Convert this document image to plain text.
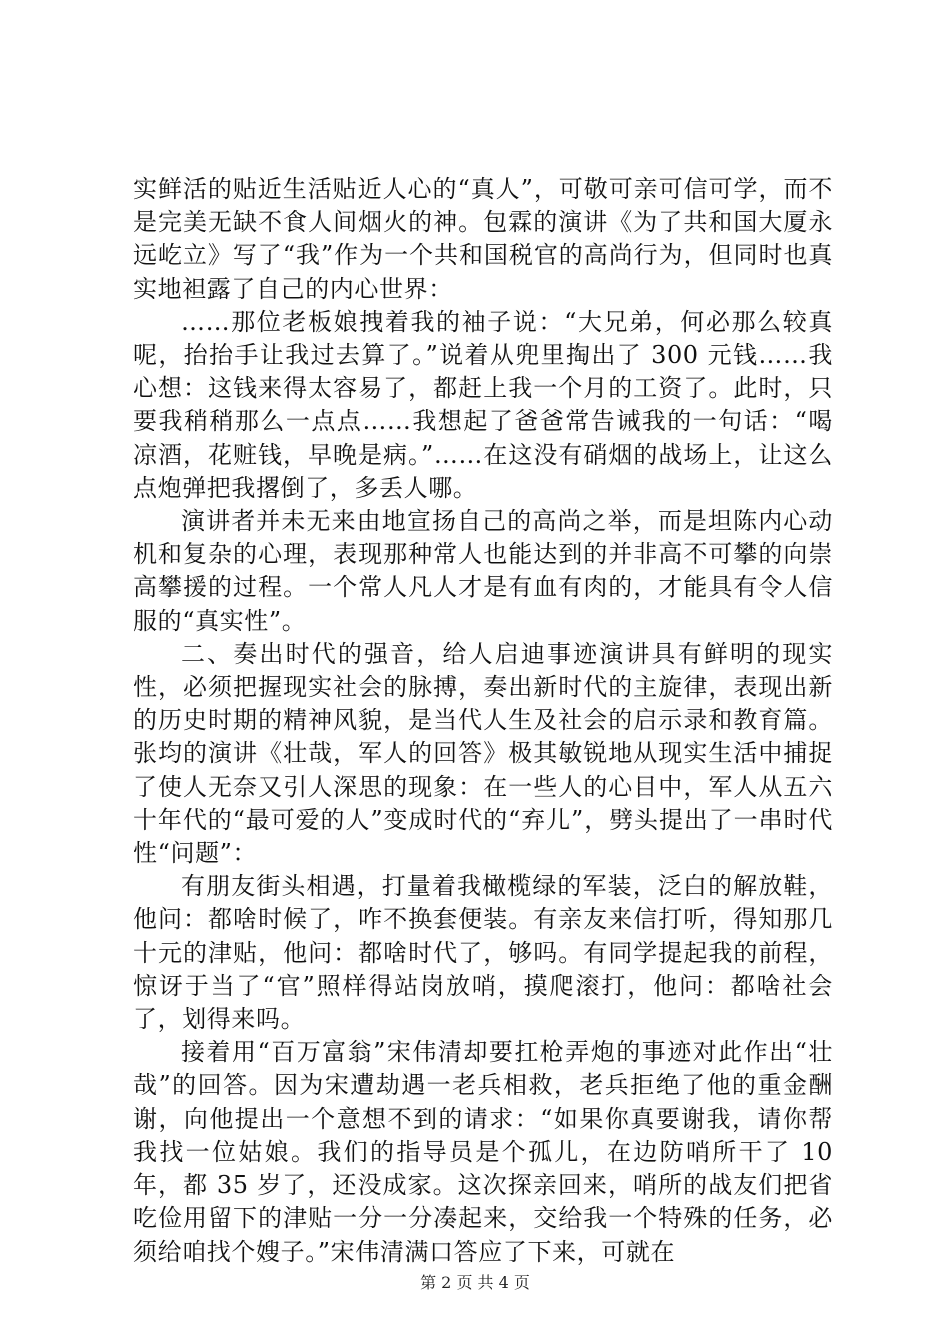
实鲜活的贴近生活贴近人心的“真人”，可敬可亲可信可学，而不是完美无缺不食人间烟火的神。包霖的演讲《为了共和国大厦永远屹立》写了“我”作为一个共和国税官的高尚行为，但同时也真实地袒露了自己的内心世界：

……那位老板娘拽着我的袖子说：“大兄弟，何必那么较真呢，抬抬手让我过去算了。”说着从兜里掏出了 300 元钱……我心想：这钱来得太容易了，都赶上我一个月的工资了。此时，只要我稍稍那么一点点……我想起了爸爸常告诫我的一句话：“喝凉酒，花赃钱，早晚是病。”……在这没有硝烟的战场上，让这么点炮弹把我撂倒了，多丢人哪。

演讲者并未无来由地宣扬自己的高尚之举，而是坦陈内心动机和复杂的心理，表现那种常人也能达到的并非高不可攀的向崇高攀援的过程。一个常人凡人才是有血有肉的，才能具有令人信服的“真实性”。

二、奏出时代的强音，给人启迪事迹演讲具有鲜明的现实性，必须把握现实社会的脉搏，奏出新时代的主旋律，表现出新的历史时期的精神风貌，是当代人生及社会的启示录和教育篇。张均的演讲《壮哉，军人的回答》极其敏锐地从现实生活中捕捉了使人无奈又引人深思的现象：在一些人的心目中，军人从五六十年代的“最可爱的人”变成时代的“弃儿”，劈头提出了一串时代性“问题”：

有朋友街头相遇，打量着我橄榄绿的军装，泛白的解放鞋，他问：都啥时候了，咋不换套便装。有亲友来信打听，得知那几十元的津贴，他问：都啥时代了，够吗。有同学提起我的前程，惊讶于当了“官”照样得站岗放哨，摸爬滚打，他问：都啥社会了，划得来吗。

接着用“百万富翁”宋伟清却要扛枪弄炮的事迹对此作出“壮哉”的回答。因为宋遭劫遇一老兵相救，老兵拒绝了他的重金酬谢，向他提出一个意想不到的请求：“如果你真要谢我，请你帮我找一位姑娘。我们的指导员是个孤儿，在边防哨所干了 10 年，都 35 岁了，还没成家。这次探亲回来，哨所的战友们把省吃俭用留下的津贴一分一分凑起来，交给我一个特殊的任务，必须给咱找个嫂子。”宋伟清满口答应了下来，可就在

第 2 页 共 4 页
